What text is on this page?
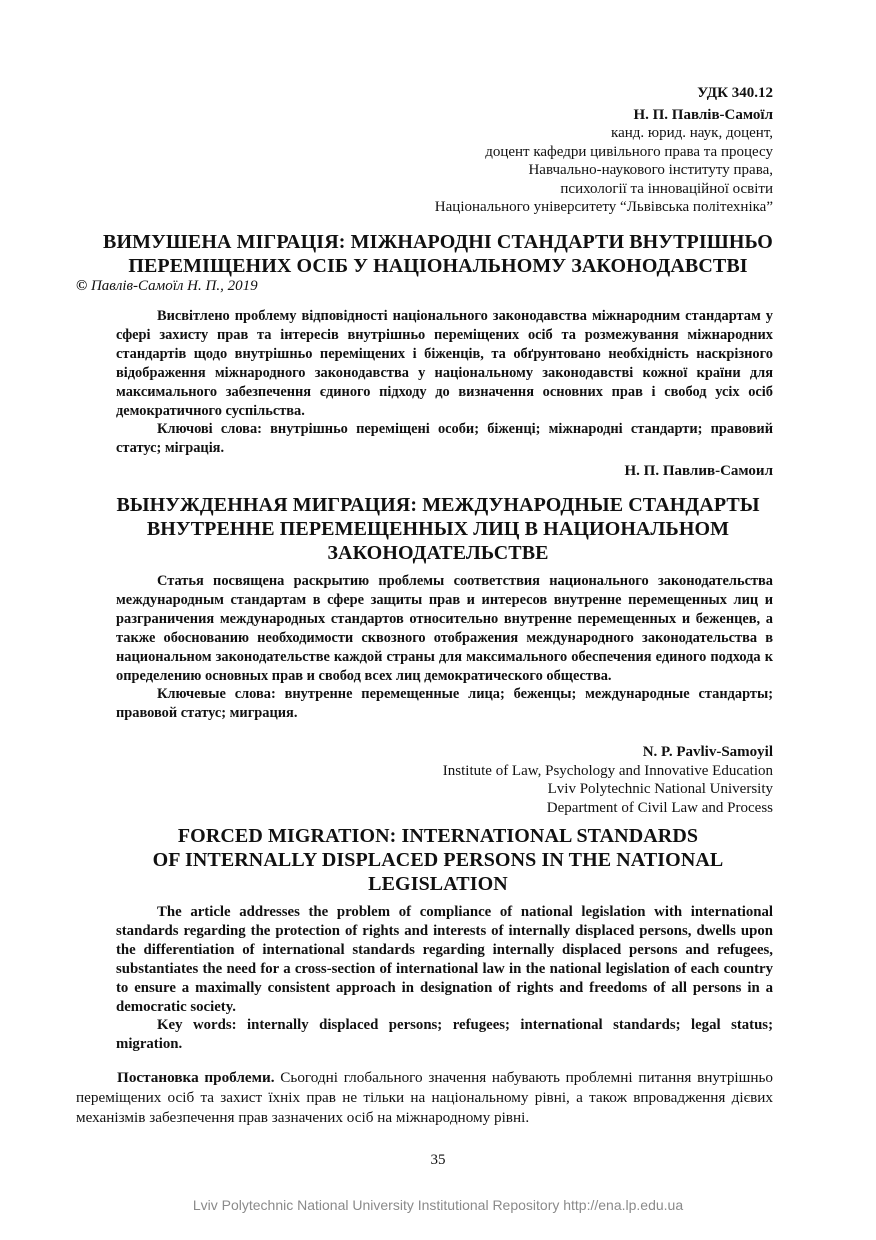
УДК 340.12
Н. П. Павлів-Самоїл
канд. юрид. наук, доцент,
доцент кафедри цивільного права та процесу
Навчально-наукового інституту права,
психології та інноваційної освіти
Національного університету “Львівська політехніка”
ВИМУШЕНА МІГРАЦІЯ: МІЖНАРОДНІ СТАНДАРТИ ВНУТРІШНЬО
ПЕРЕМІЩЕНИХ ОСІБ У НАЦІОНАЛЬНОМУ ЗАКОНОДАВСТВІ
© Павлів-Самоїл Н. П., 2019

Висвітлено проблему відповідності національного законодавства міжнародним стандартам у сфері захисту прав та інтересів внутрішньо переміщених осіб та розмежування міжнародних стандартів щодо внутрішньо переміщених і біженців, та обґрунтовано необхідність наскрізного відображення міжнародного законодавства у національному законодавстві кожної країни для максимального забезпечення єдиного підходу до визначення основних прав і свобод усіх осіб демократичного суспільства.

Ключові слова: внутрішньо переміщені особи; біженці; міжнародні стандарти; правовий статус; міграція.

Н. П. Павлив-Самоил
ВЫНУЖДЕННАЯ МИГРАЦИЯ: МЕЖДУНАРОДНЫЕ СТАНДАРТЫ
ВНУТРЕННЕ ПЕРЕМЕЩЕННЫХ ЛИЦ В НАЦИОНАЛЬНОМ
ЗАКОНОДАТЕЛЬСТВЕ

Статья посвящена раскрытию проблемы соответствия национального законодательства международным стандартам в сфере защиты прав и интересов внутренне перемещенных лиц и разграничения международных стандартов относительно внутренне перемещенных и беженцев, а также обоснованию необходимости сквозного отображения международного законодательства в национальном законодательстве каждой страны для максимального обеспечения единого подхода к определению основных прав и свобод всех лиц демократического общества.

Ключевые слова: внутренне перемещенные лица; беженцы; международные стандарты; правовой статус; миграция.

N. P. Pavliv-Samoyil
Institute of Law, Psychology and Innovative Education
Lviv Polytechnic National University
Department of Civil Law and Process
FORCED MIGRATION: INTERNATIONAL STANDARDS
OF INTERNALLY DISPLACED PERSONS IN THE NATIONAL
LEGISLATION

The article addresses the problem of compliance of national legislation with international standards regarding the protection of rights and interests of internally displaced persons, dwells upon the differentiation of international standards regarding internally displaced persons and refugees, substantiates the need for a cross-section of international law in the national legislation of each country to ensure a maximally consistent approach in designation of rights and freedoms of all persons in a democratic society.

Key words: internally displaced persons; refugees; international standards; legal status; migration.

Постановка проблеми. Сьогодні глобального значення набувають проблемні питання внутрішньо переміщених осіб та захист їхніх прав не тільки на національному рівні, а також впровадження дієвих механізмів забезпечення прав зазначених осіб на міжнародному рівні.

35
Lviv Polytechnic National University Institutional Repository http://ena.lp.edu.ua
